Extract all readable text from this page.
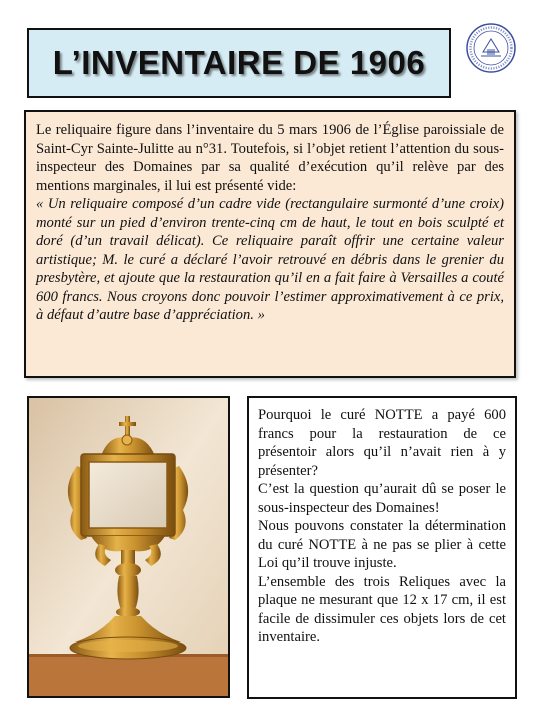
L’INVENTAIRE DE 1906

Le reliquaire figure dans l’inventaire du 5 mars 1906 de l’Église paroissiale de Saint-Cyr Sainte-Julitte au n°31. Toutefois, si l’objet retient l’attention du sous-inspecteur des Domaines par sa qualité d’exécution qu’il relève par des mentions marginales, il lui est présenté vide:

« Un reliquaire composé d’un cadre vide (rectangulaire surmonté d’une croix) monté sur un pied d’environ trente-cinq cm de haut, le tout en bois sculpté et doré (d’un travail délicat). Ce reliquaire paraît offrir une certaine valeur artistique; M. le curé a déclaré l’avoir retrouvé en débris dans le grenier du presbytère, et ajoute que la restauration qu’il en a fait faire à Versailles a couté 600 francs. Nous croyons donc pouvoir l’estimer approximativement à ce prix, à défaut d’autre base d’appréciation. »

Pourquoi le curé NOTTE a payé 600 francs pour la restauration de ce présentoir alors qu’il n’avait rien à y présenter?

C’est la question qu’aurait dû se poser le sous-inspecteur des Domaines!

Nous pouvons constater la détermination du curé NOTTE à ne pas se plier à cette Loi qu’il trouve injuste.

L’ensemble des trois Reliques avec la plaque ne mesurant que 12 x 17 cm, il est facile de dissimuler ces objets lors de cet inventaire.
